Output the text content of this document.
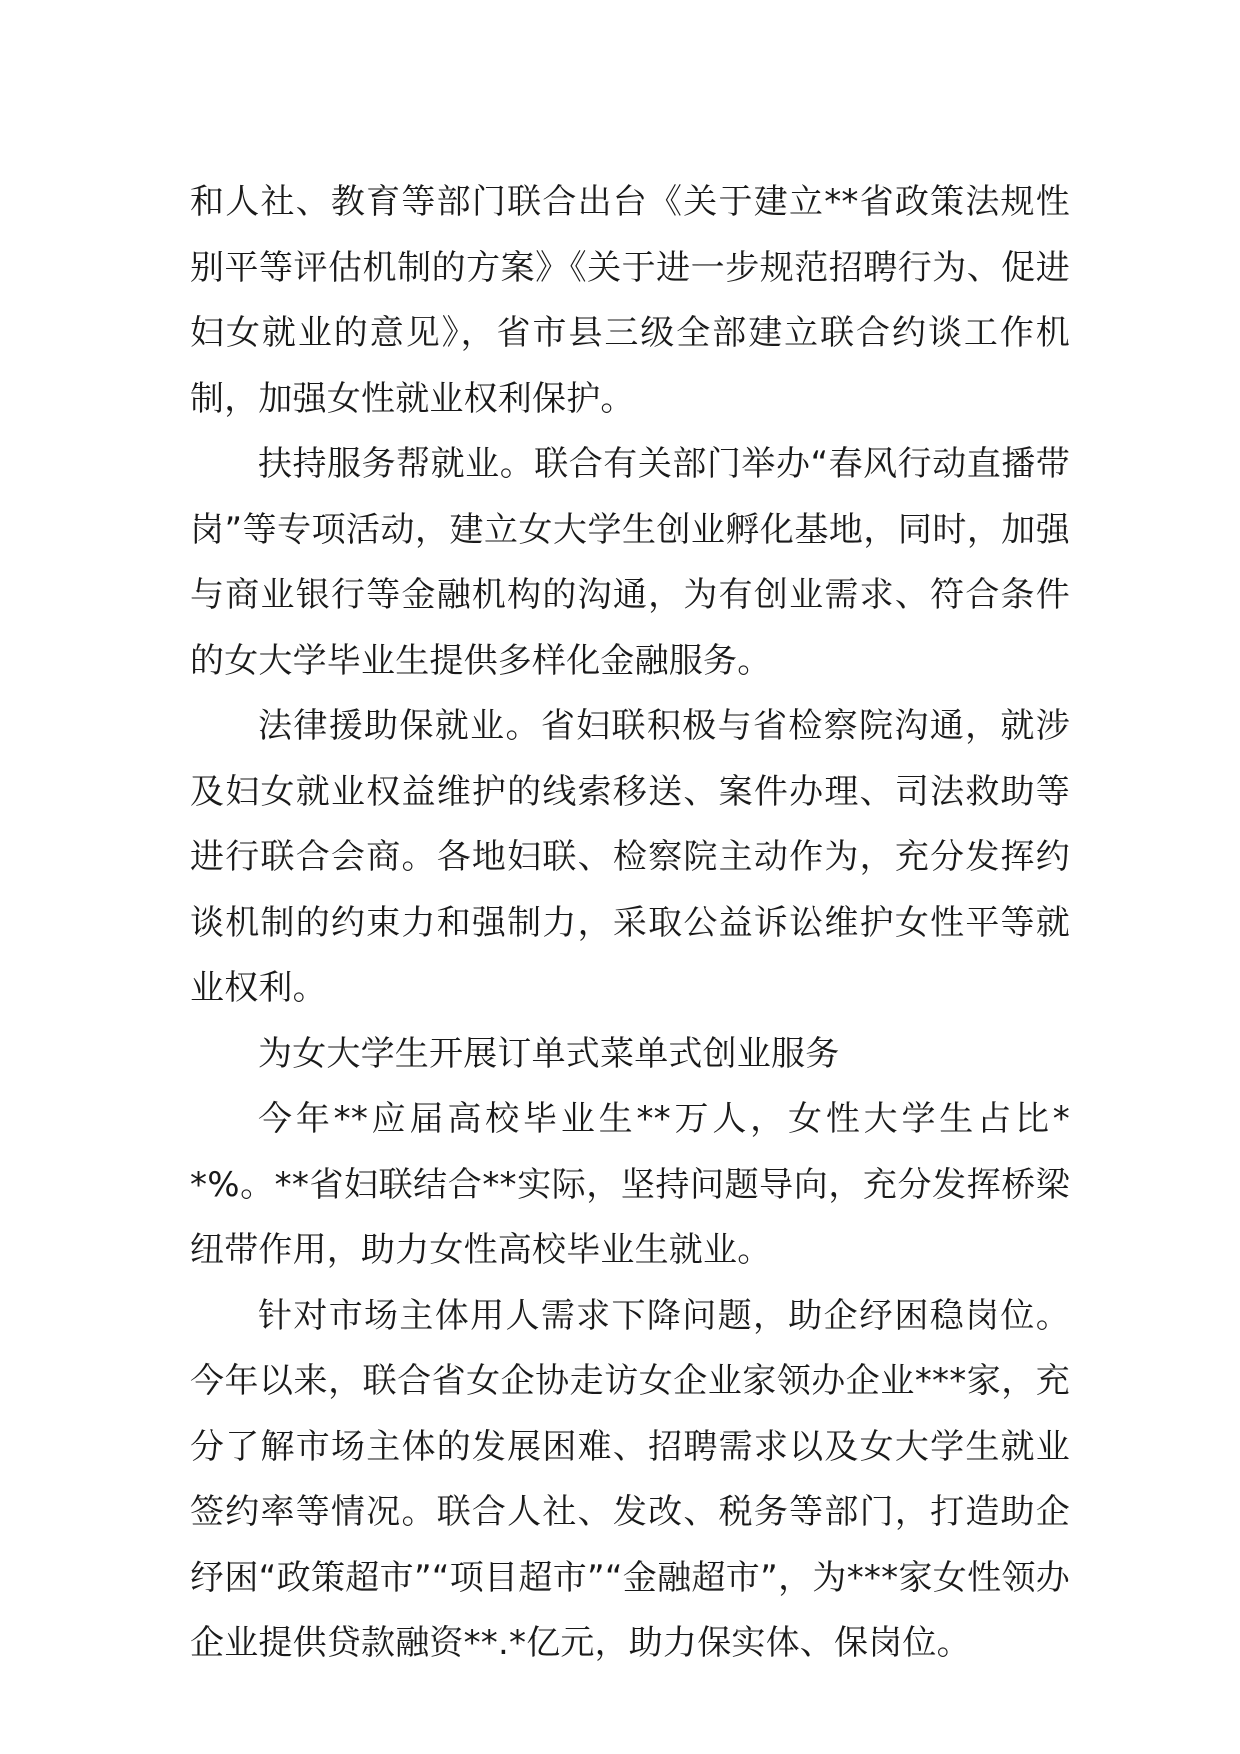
和人社、教育等部门联合出台《关于建立**省政策法规性别平等评估机制的方案》《关于进一步规范招聘行为、促进妇女就业的意见》，省市县三级全部建立联合约谈工作机制，加强女性就业权利保护。

扶持服务帮就业。联合有关部门举办“春风行动直播带岗”等专项活动，建立女大学生创业孵化基地，同时，加强与商业银行等金融机构的沟通，为有创业需求、符合条件的女大学毕业生提供多样化金融服务。

法律援助保就业。省妇联积极与省检察院沟通，就涉及妇女就业权益维护的线索移送、案件办理、司法救助等进行联合会商。各地妇联、检察院主动作为，充分发挥约谈机制的约束力和强制力，采取公益诉讼维护女性平等就业权利。

为女大学生开展订单式菜单式创业服务

今年**应届高校毕业生**万人，女性大学生占比**%。**省妇联结合**实际，坚持问题导向，充分发挥桥梁纽带作用，助力女性高校毕业生就业。

针对市场主体用人需求下降问题，助企纾困稳岗位。今年以来，联合省女企协走访女企业家领办企业***家，充分了解市场主体的发展困难、招聘需求以及女大学生就业签约率等情况。联合人社、发改、税务等部门，打造助企纾困“政策超市”“项目超市”“金融超市”，为***家女性领办企业提供贷款融资**.*亿元，助力保实体、保岗位。
